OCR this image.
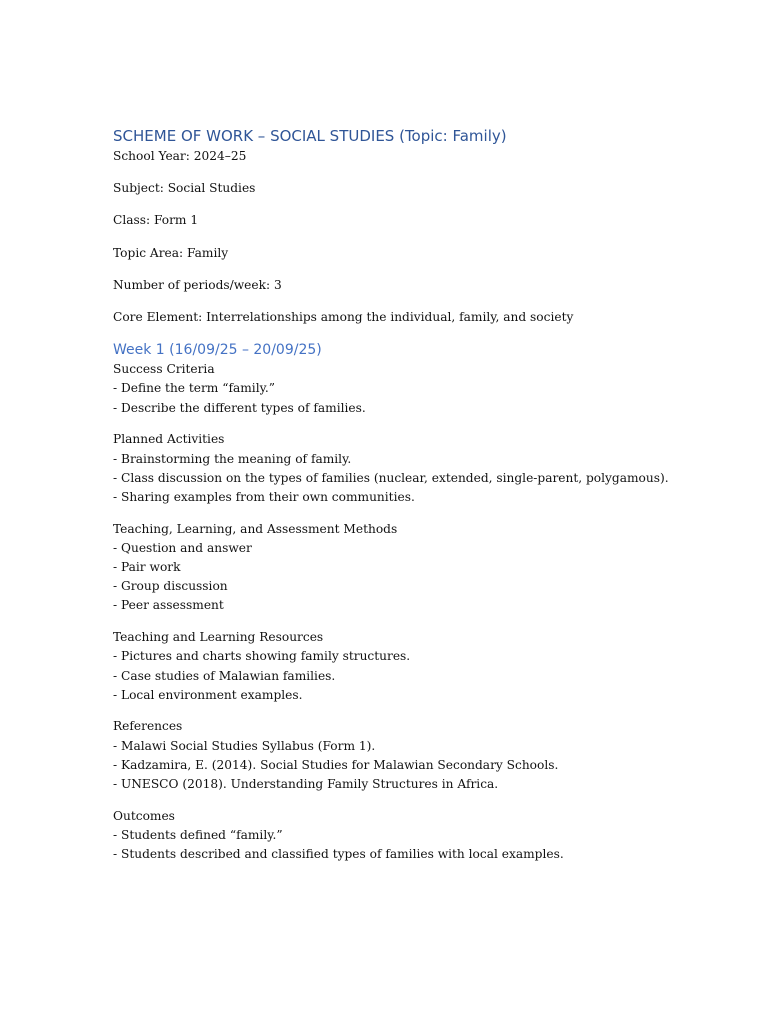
SCHEME OF WORK – SOCIAL STUDIES (Topic: Family)
School Year: 2024–25
Subject: Social Studies
Class: Form 1
Topic Area: Family
Number of periods/week: 3
Core Element: Interrelationships among the individual, family, and society
Week 1 (16/09/25 – 20/09/25)
Success Criteria
- Define the term “family.”
- Describe the different types of families.
Planned Activities
- Brainstorming the meaning of family.
- Class discussion on the types of families (nuclear, extended, single-parent, polygamous).
- Sharing examples from their own communities.
Teaching, Learning, and Assessment Methods
- Question and answer
- Pair work
- Group discussion
- Peer assessment
Teaching and Learning Resources
- Pictures and charts showing family structures.
- Case studies of Malawian families.
- Local environment examples.
References
- Malawi Social Studies Syllabus (Form 1).
- Kadzamira, E. (2014). Social Studies for Malawian Secondary Schools.
- UNESCO (2018). Understanding Family Structures in Africa.
Outcomes
- Students defined “family.”
- Students described and classified types of families with local examples.
